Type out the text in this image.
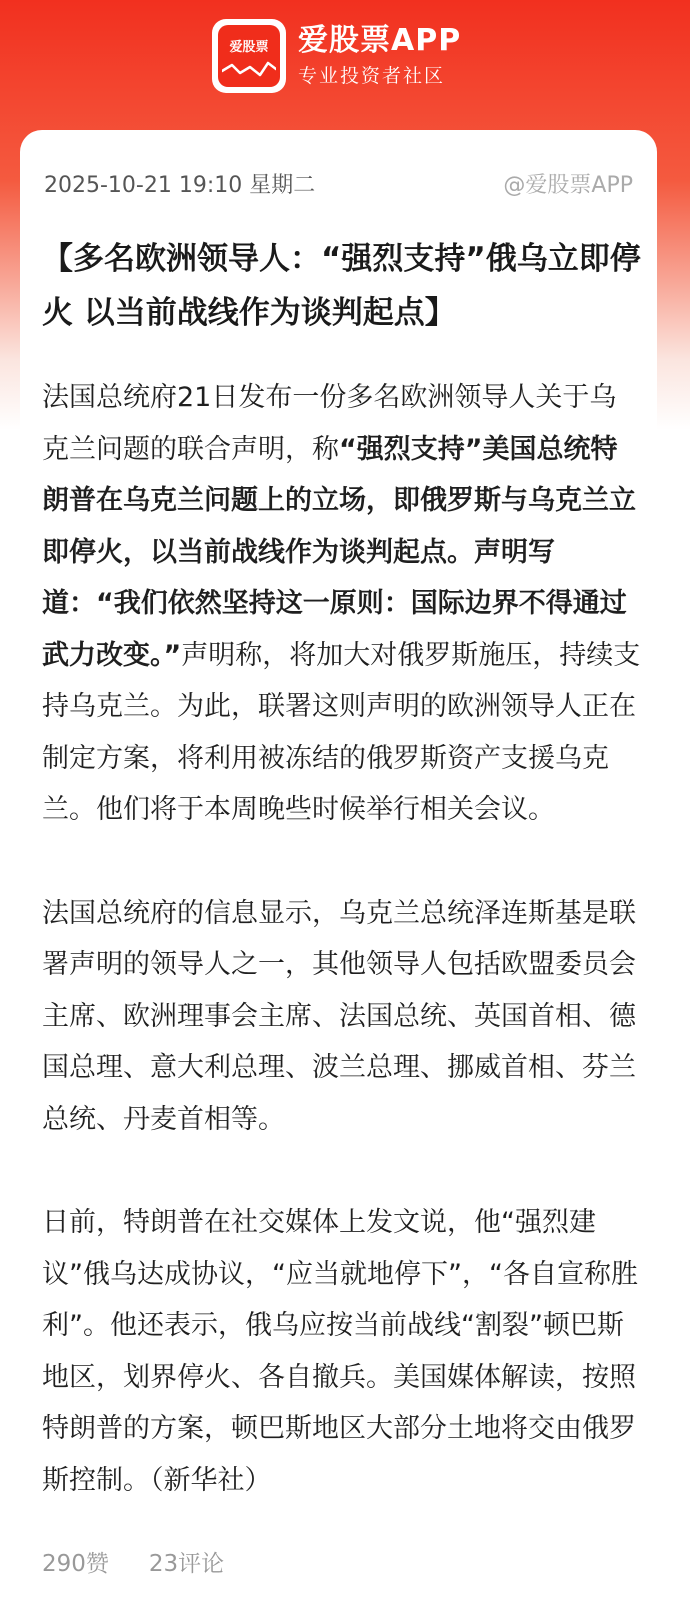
爱股票 爱股票APP
专业投资者社区
2025-10-21 19:10 星期二	@爱股票APP
【多名欧洲领导人：“强烈支持”俄乌立即停火 以当前战线作为谈判起点】

法国总统府21日发布一份多名欧洲领导人关于乌克兰问题的联合声明，称“强烈支持”美国总统特朗普在乌克兰问题上的立场，即俄罗斯与乌克兰立即停火，以当前战线作为谈判起点。声明写道：“我们依然坚持这一原则：国际边界不得通过武力改变。”声明称，将加大对俄罗斯施压，持续支持乌克兰。为此，联署这则声明的欧洲领导人正在制定方案，将利用被冻结的俄罗斯资产支援乌克兰。他们将于本周晚些时候举行相关会议。

法国总统府的信息显示，乌克兰总统泽连斯基是联署声明的领导人之一，其他领导人包括欧盟委员会主席、欧洲理事会主席、法国总统、英国首相、德国总理、意大利总理、波兰总理、挪威首相、芬兰总统、丹麦首相等。

日前，特朗普在社交媒体上发文说，他“强烈建议”俄乌达成协议，“应当就地停下”，“各自宣称胜利”。他还表示，俄乌应按当前战线“割裂”顿巴斯地区，划界停火、各自撤兵。美国媒体解读，按照特朗普的方案，顿巴斯地区大部分土地将交由俄罗斯控制。（新华社）

290赞 23评论
